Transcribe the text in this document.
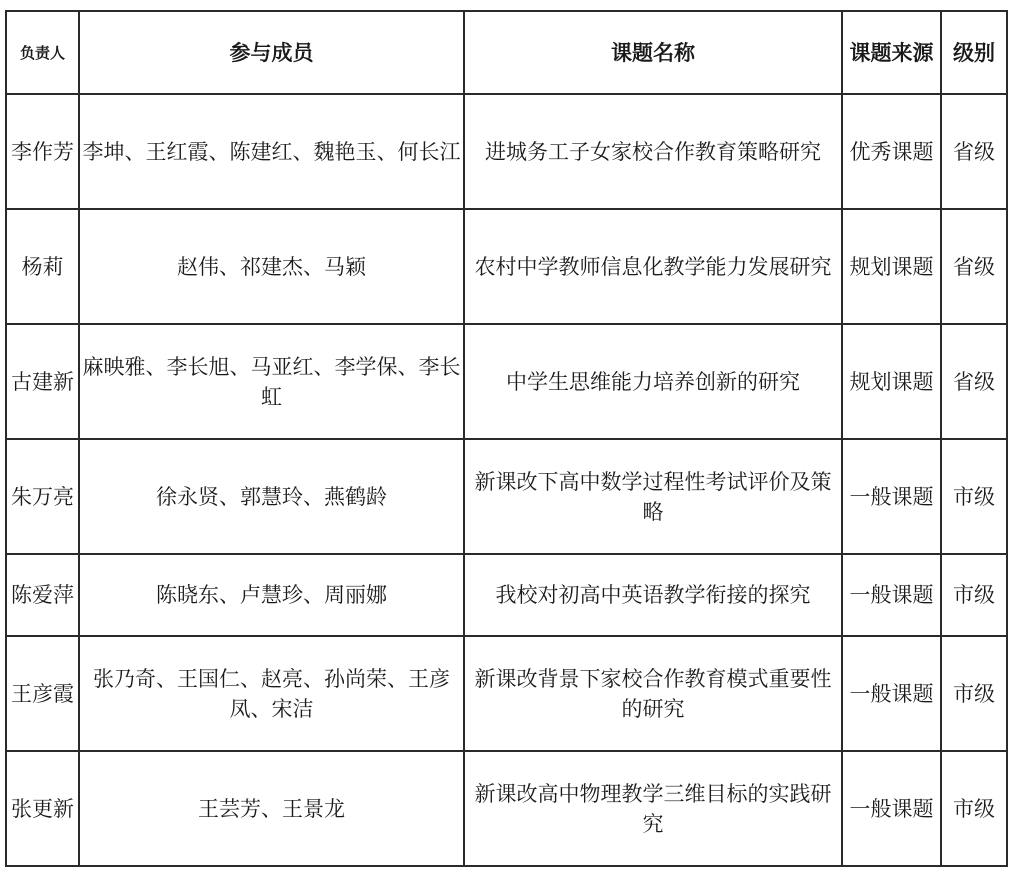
负责人	参与成员	课题名称	课题来源	级别
李作芳	李坤、王红霞、陈建红、魏艳玉、何长江	进城务工子女家校合作教育策略研究	优秀课题	省级
杨莉	赵伟、祁建杰、马颖	农村中学教师信息化教学能力发展研究	规划课题	省级
古建新	麻映雅、李长旭、马亚红、李学保、李长虹	中学生思维能力培养创新的研究	规划课题	省级
朱万亮	徐永贤、郭慧玲、燕鹤龄	新课改下高中数学过程性考试评价及策略	一般课题	市级
陈爱萍	陈晓东、卢慧珍、周丽娜	我校对初高中英语教学衔接的探究	一般课题	市级
王彦霞	张乃奇、王国仁、赵亮、孙尚荣、王彦凤、宋洁	新课改背景下家校合作教育模式重要性的研究	一般课题	市级
张更新	王芸芳、王景龙	新课改高中物理教学三维目标的实践研究	一般课题	市级
